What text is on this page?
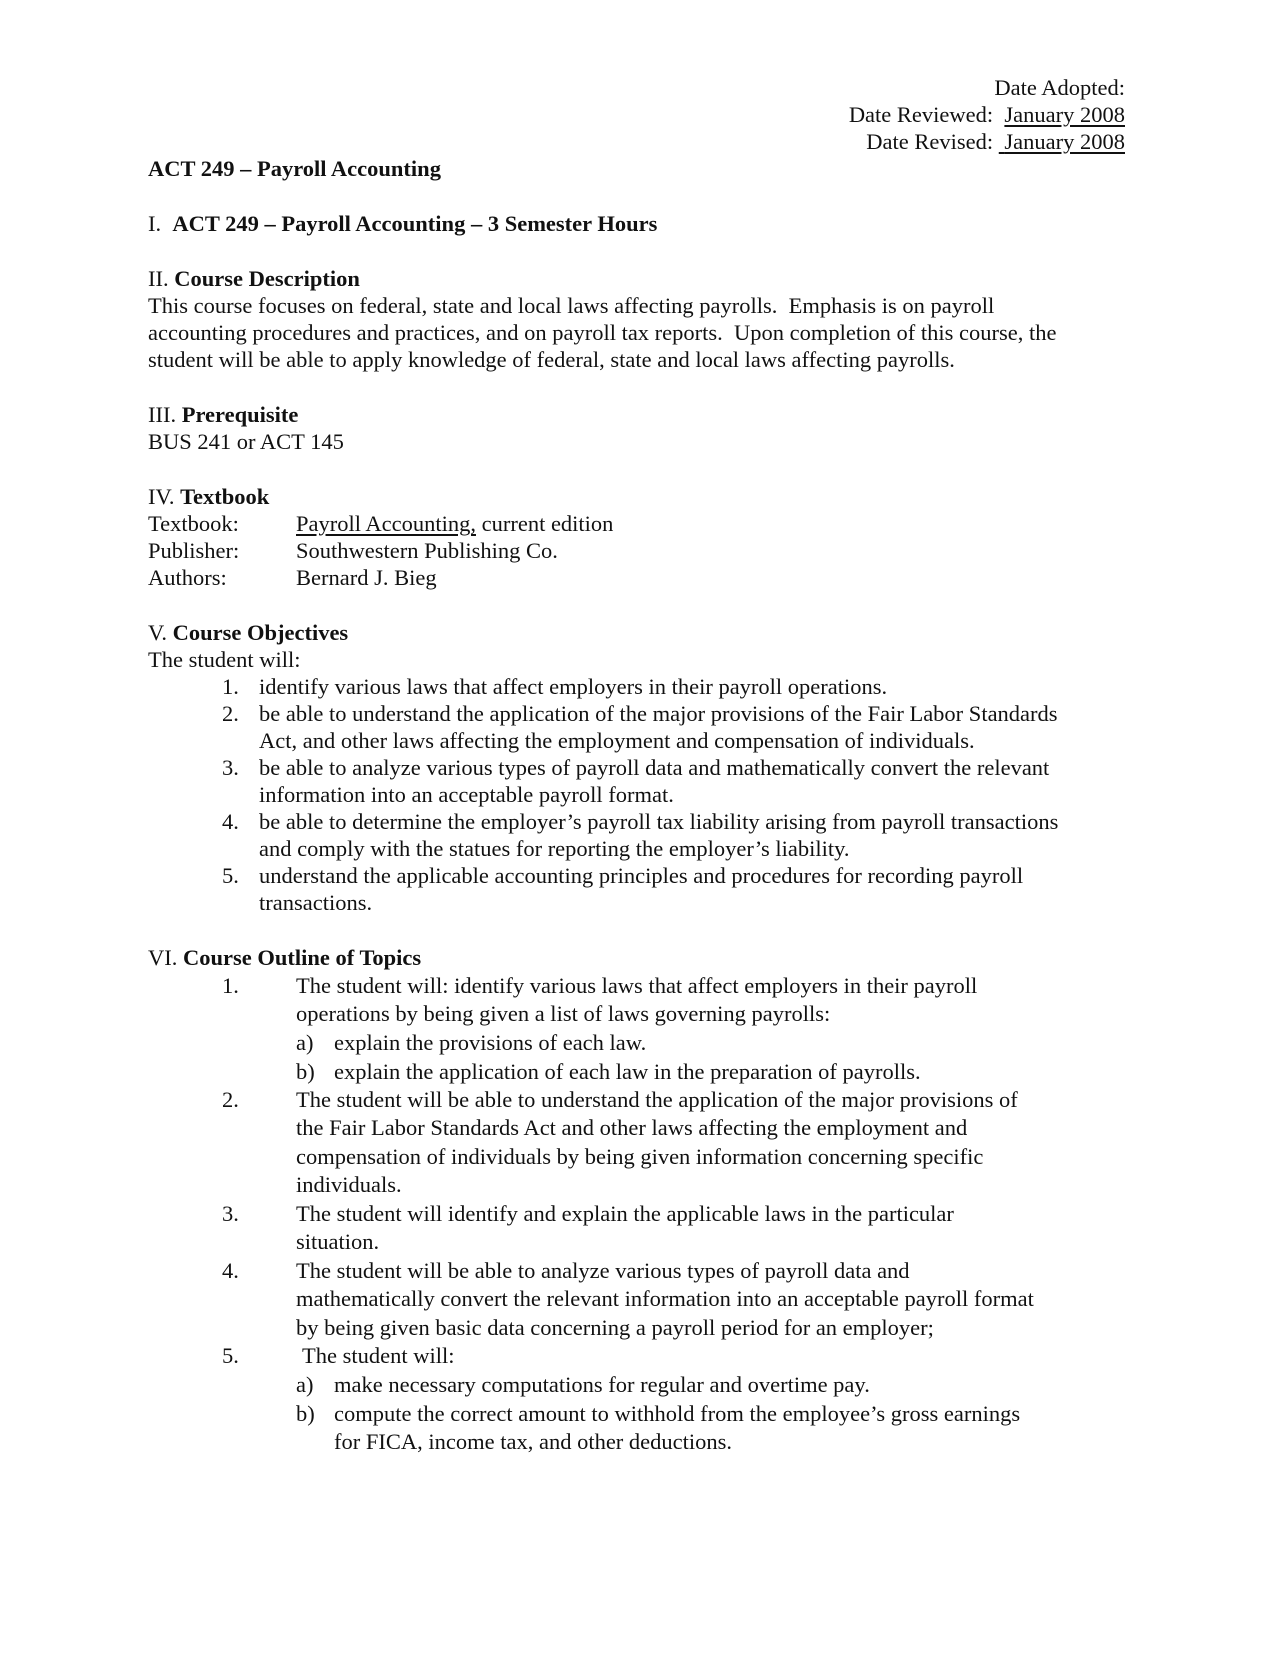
Date Adopted:
Date Reviewed: January 2008
Date Revised: January 2008
ACT 249 – Payroll Accounting
I. ACT 249 – Payroll Accounting – 3 Semester Hours
II. Course Description
This course focuses on federal, state and local laws affecting payrolls.  Emphasis is on payroll
accounting procedures and practices, and on payroll tax reports.  Upon completion of this course, the
student will be able to apply knowledge of federal, state and local laws affecting payrolls.
III. Prerequisite
BUS 241 or ACT 145
IV. Textbook
Textbook:	Payroll Accounting, current edition
Publisher:	Southwestern Publishing Co.
Authors:	Bernard J. Bieg
V. Course Objectives
The student will:
1. identify various laws that affect employers in their payroll operations.
2. be able to understand the application of the major provisions of the Fair Labor Standards
Act, and other laws affecting the employment and compensation of individuals.
3. be able to analyze various types of payroll data and mathematically convert the relevant
information into an acceptable payroll format.
4. be able to determine the employer’s payroll tax liability arising from payroll transactions
and comply with the statues for reporting the employer’s liability.
5. understand the applicable accounting principles and procedures for recording payroll
transactions.
VI. Course Outline of Topics
1.	The student will: identify various laws that affect employers in their payroll
operations by being given a list of laws governing payrolls:
a) explain the provisions of each law.
b) explain the application of each law in the preparation of payrolls.
2.	The student will be able to understand the application of the major provisions of
the Fair Labor Standards Act and other laws affecting the employment and
compensation of individuals by being given information concerning specific
individuals.
3.	The student will identify and explain the applicable laws in the particular
situation.
4.	The student will be able to analyze various types of payroll data and
mathematically convert the relevant information into an acceptable payroll format
by being given basic data concerning a payroll period for an employer;
5.	The student will:
a) make necessary computations for regular and overtime pay.
b) compute the correct amount to withhold from the employee’s gross earnings
for FICA, income tax, and other deductions.
